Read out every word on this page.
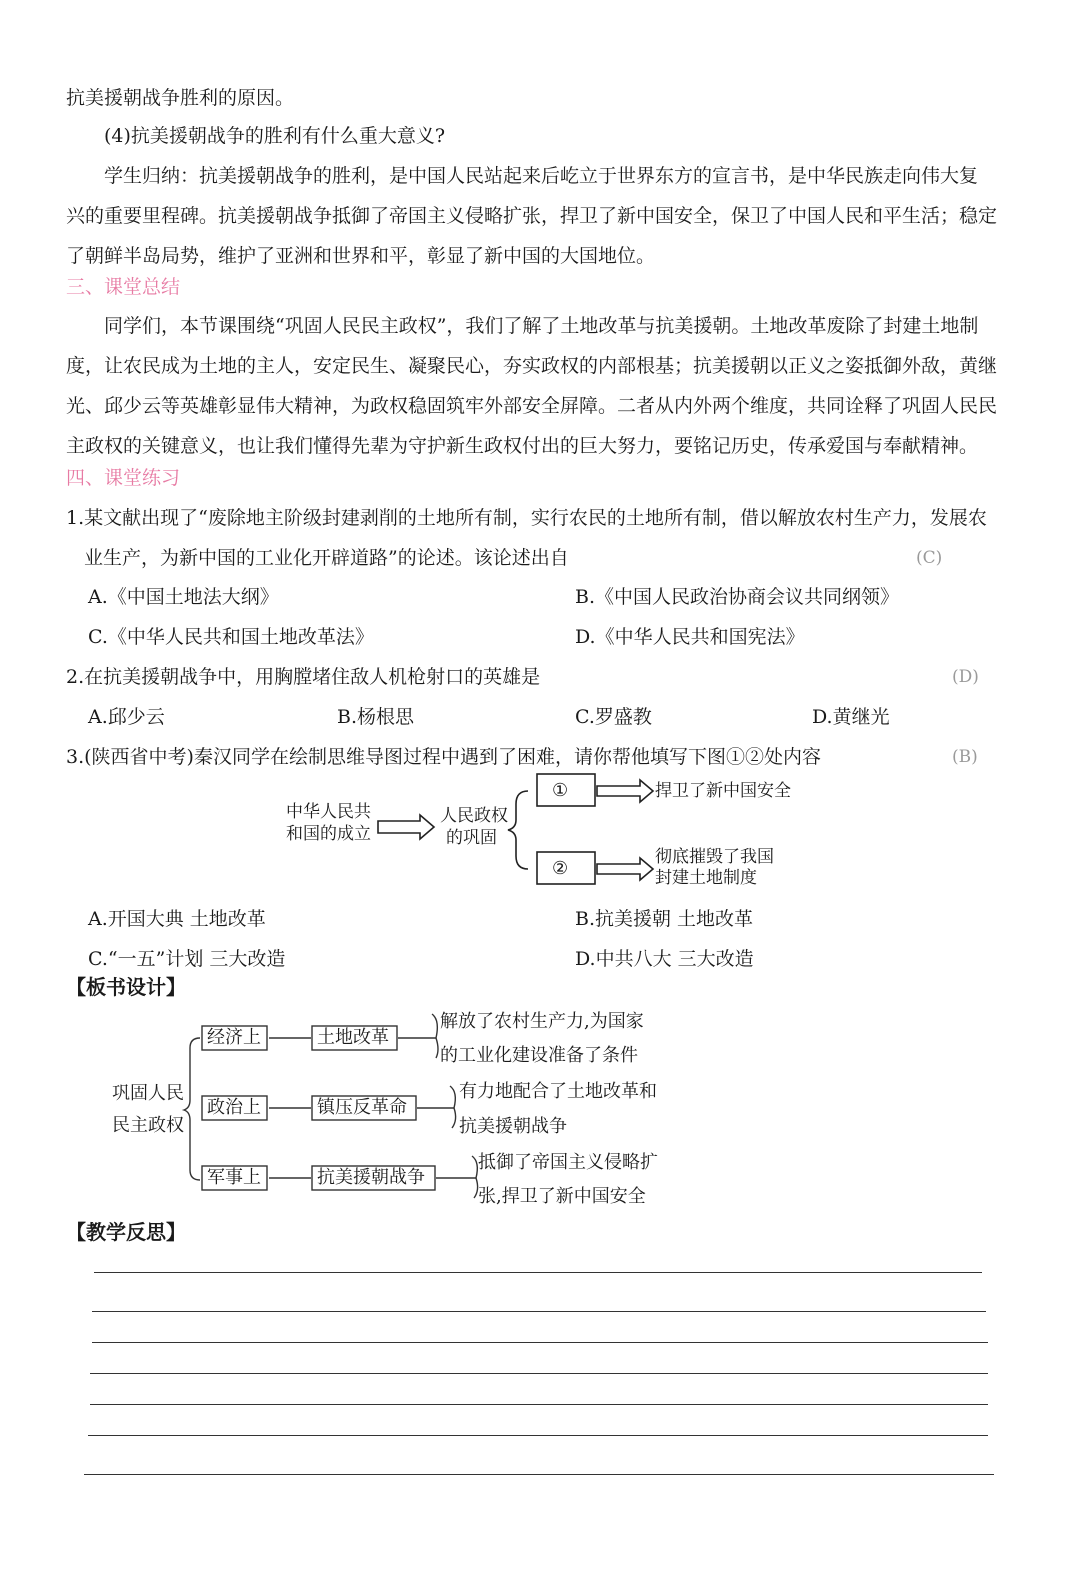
抗美援朝战争胜利的原因。
(4)抗美援朝战争的胜利有什么重大意义?
学生归纳：抗美援朝战争的胜利，是中国人民站起来后屹立于世界东方的宣言书，是中华民族走向伟大复
兴的重要里程碑。抗美援朝战争抵御了帝国主义侵略扩张，捍卫了新中国安全，保卫了中国人民和平生活；稳定
了朝鲜半岛局势，维护了亚洲和世界和平，彰显了新中国的大国地位。
三、课堂总结
同学们，本节课围绕“巩固人民民主政权”，我们了解了土地改革与抗美援朝。土地改革废除了封建土地制
度，让农民成为土地的主人，安定民生、凝聚民心，夯实政权的内部根基；抗美援朝以正义之姿抵御外敌，黄继
光、邱少云等英雄彰显伟大精神，为政权稳固筑牢外部安全屏障。二者从内外两个维度，共同诠释了巩固人民民
主政权的关键意义，也让我们懂得先辈为守护新生政权付出的巨大努力，要铭记历史，传承爱国与奉献精神。
四、课堂练习
1.某文献出现了“废除地主阶级封建剥削的土地所有制，实行农民的土地所有制，借以解放农村生产力，发展农
业生产，为新中国的工业化开辟道路”的论述。该论述出自	(C)
A.《中国土地法大纲》	B.《中国人民政治协商会议共同纲领》
C.《中华人民共和国土地改革法》	D.《中华人民共和国宪法》
2.在抗美援朝战争中，用胸膛堵住敌人机枪射口的英雄是	(D)
A.邱少云	B.杨根思	C.罗盛教	D.黄继光
3.(陕西省中考)秦汉同学在绘制思维导图过程中遇到了困难，请你帮他填写下图①②处内容	(B)
中华人民共
和国的成立
人民政权
的巩固
①
②
捍卫了新中国安全
彻底摧毁了我国
封建土地制度
A.开国大典 土地改革	B.抗美援朝 土地改革
C.“一五”计划 三大改造	D.中共八大 三大改造
【板书设计】
巩固人民
民主政权
经济上
政治上
军事上
土地改革
镇压反革命
抗美援朝战争
解放了农村生产力,为国家
的工业化建设准备了条件
有力地配合了土地改革和
抗美援朝战争
抵御了帝国主义侵略扩
张,捍卫了新中国安全
【教学反思】
